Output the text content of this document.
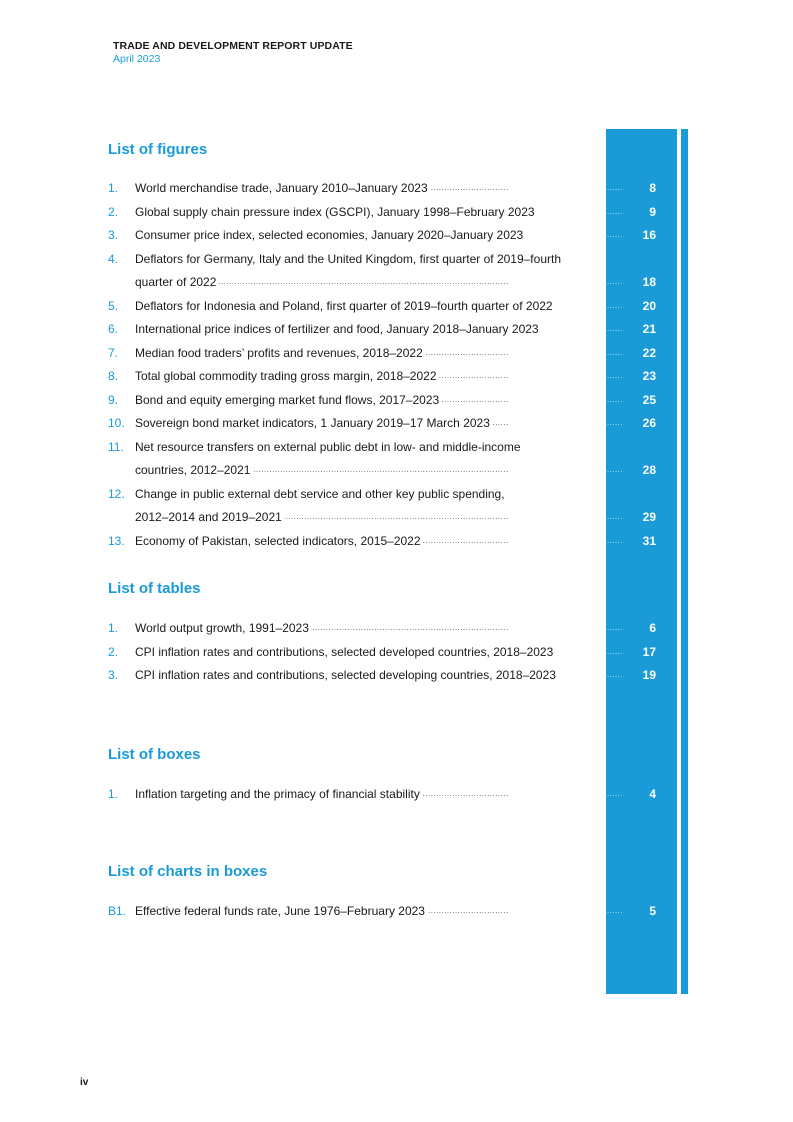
TRADE AND DEVELOPMENT REPORT UPDATE
April 2023
List of figures
1. World merchandise trade, January 2010–January 2023 . . .	. . . . . . 8
2. Global supply chain pressure index (GSCPI), January 1998–February 2023 . . .	. . . . . . 9
3. Consumer price index, selected economies, January 2020–January 2023 . . .	. . . . . . 16
4. Deflators for Germany, Italy and the United Kingdom, first quarter of 2019–fourth
quarter of 2022 . . .	. . . . . . 18
5. Deflators for Indonesia and Poland, first quarter of 2019–fourth quarter of 2022 . . .	. . . . . . 20
6. International price indices of fertilizer and food, January 2018–January 2023 . . .	. . . . . . 21
7. Median food traders’ profits and revenues, 2018–2022 . . .	. . . . . . 22
8. Total global commodity trading gross margin, 2018–2022 . . .	. . . . . . 23
9. Bond and equity emerging market fund flows, 2017–2023 . . .	. . . . . . 25
10. Sovereign bond market indicators, 1 January 2019–17 March 2023 . . .	. . . . . . 26
11. Net resource transfers on external public debt in low- and middle-income
countries, 2012–2021 . . .	. . . . . . 28
12. Change in public external debt service and other key public spending,
2012–2014 and 2019–2021 . . .	. . . . . . 29
13. Economy of Pakistan, selected indicators, 2015–2022 . . .	. . . . . . 31
List of tables
1. World output growth, 1991–2023 . . .	. . . . . . 6
2. CPI inflation rates and contributions, selected developed countries, 2018–2023 . . .	. . . . . . 17
3. CPI inflation rates and contributions, selected developing countries, 2018–2023 . . .	. . . . . . 19
List of boxes
1. Inflation targeting and the primacy of financial stability . . .	. . . . . . 4
List of charts in boxes
B1. Effective federal funds rate, June 1976–February 2023 . . .	. . . . . . 5
iv
